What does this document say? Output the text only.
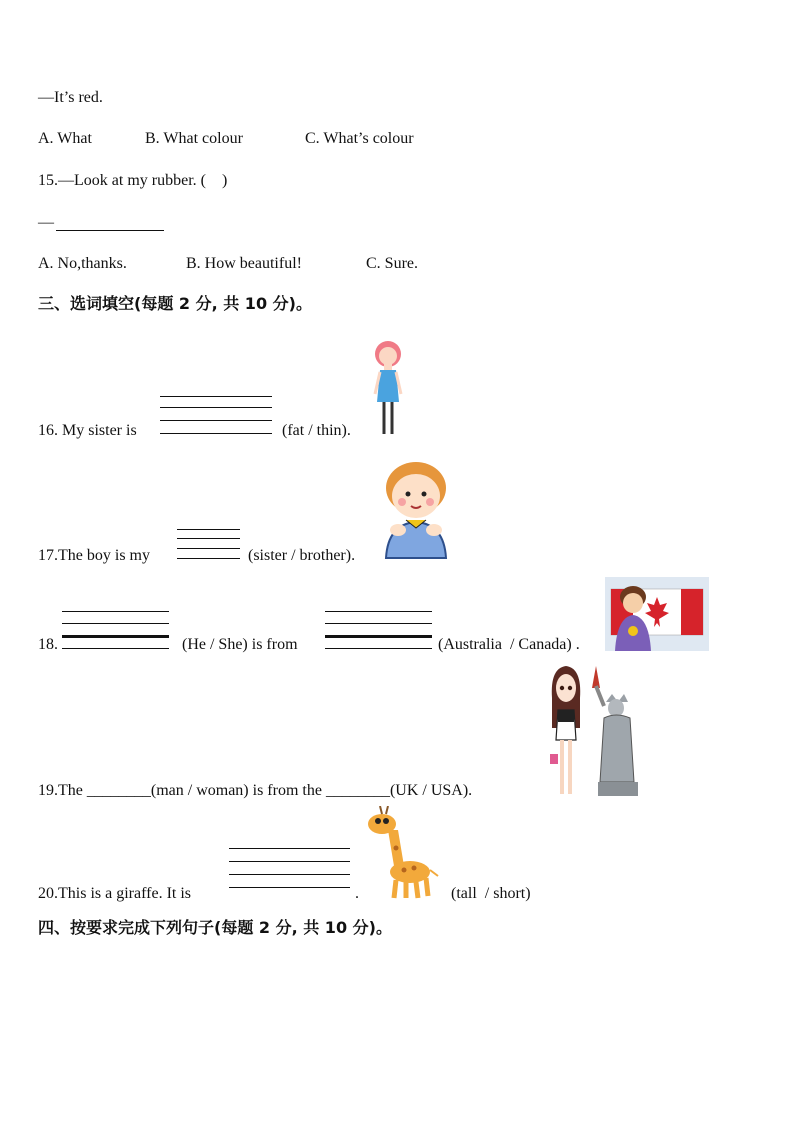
—It’s red.
A. What	B. What colour	C. What’s colour
15.—Look at my rubber. (    )
—
A. No,thanks.	B. How beautiful!	C. Sure.
三、选词填空(每题 2 分, 共 10 分)。
16. My sister is	(fat / thin).
17.The boy is my	(sister / brother).
18.	(He / She) is from	(Australia  / Canada) .
19.The ________(man / woman) is from the ________(UK / USA).
20.This is a giraffe. It is	.	(tall  / short)
四、按要求完成下列句子(每题 2 分, 共 10 分)。
